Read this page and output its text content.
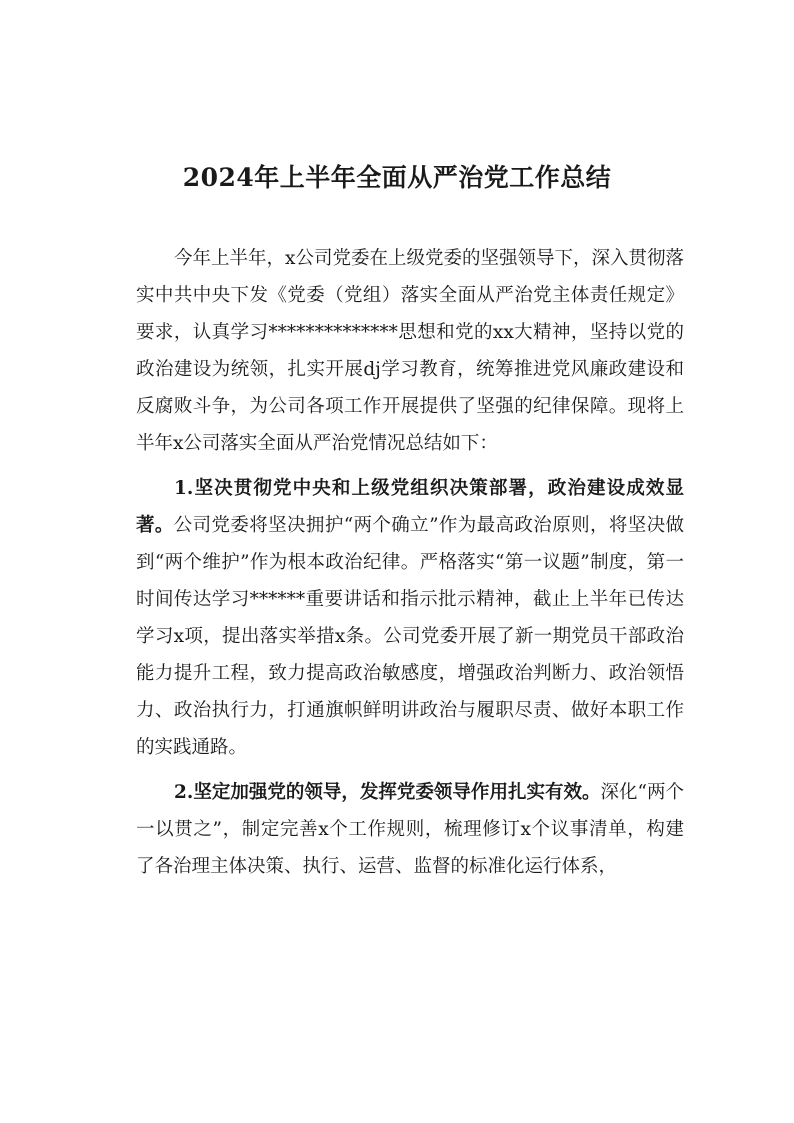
2024年上半年全面从严治党工作总结

今年上半年，x公司党委在上级党委的坚强领导下，深入贯彻落实中共中央下发《党委（党组）落实全面从严治党主体责任规定》要求，认真学习**************思想和党的xx大精神，坚持以党的政治建设为统领，扎实开展dj学习教育，统筹推进党风廉政建设和反腐败斗争，为公司各项工作开展提供了坚强的纪律保障。现将上半年x公司落实全面从严治党情况总结如下：

1.坚决贯彻党中央和上级党组织决策部署，政治建设成效显著。公司党委将坚决拥护“两个确立”作为最高政治原则，将坚决做到“两个维护”作为根本政治纪律。严格落实“第一议题”制度，第一时间传达学习******重要讲话和指示批示精神，截止上半年已传达学习x项，提出落实举措x条。公司党委开展了新一期党员干部政治能力提升工程，致力提高政治敏感度，增强政治判断力、政治领悟力、政治执行力，打通旗帜鲜明讲政治与履职尽责、做好本职工作的实践通路。

2.坚定加强党的领导，发挥党委领导作用扎实有效。深化“两个一以贯之”，制定完善x个工作规则，梳理修订x个议事清单，构建了各治理主体决策、执行、运营、监督的标准化运行体系，
